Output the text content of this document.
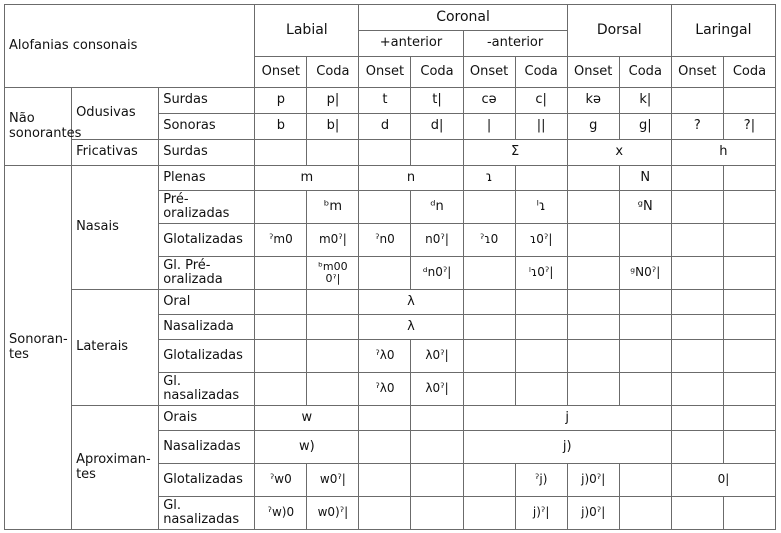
Alofanias consonais			Labial		Coronal				Dorsal		Laringal	
					+anterior		-anterior					
			Onset	Coda	Onset	Coda	Onset	Coda	Onset	Coda	Onset	Coda
Não sonorantes	Odusivas	Surdas	p	p|	t	t|	cə	c|	kə	k|		
		Sonoras	b	b|	d	d|	|	||	g	g|	?	?|
	Fricativas	Surdas					Σ		x		h	
Sonoran-tes	Nasais	Plenas	m		n		ɿ			N		
		Pré-oralizadas		ᵇm		ᵈn		ˡɿ		ᵍN		
		Glotalizadas	ˀm0	m0ˀ|	ˀn0	n0ˀ|	ˀɿ0	ɿ0ˀ|				
		Gl. Pré-oralizada		ᵇm00 0ˀ|		ᵈn0ˀ|		ˡɿ0ˀ|		ᵍN0ˀ|		
	Laterais	Oral			λ							
		Nasalizada			λ							
		Glotalizadas			ˀλ0	λ0ˀ|						
		Gl. nasalizadas			ˀλ0	λ0ˀ|						
	Aproximan-tes	Orais	w				j					
		Nasalizadas	w)				j)					
		Glotalizadas	ˀw0	w0ˀ|				ˀj)	j)0ˀ|		0|	
		Gl. nasalizadas	ˀw)0	w0)ˀ|				j)ˀ|	j)0ˀ|			
